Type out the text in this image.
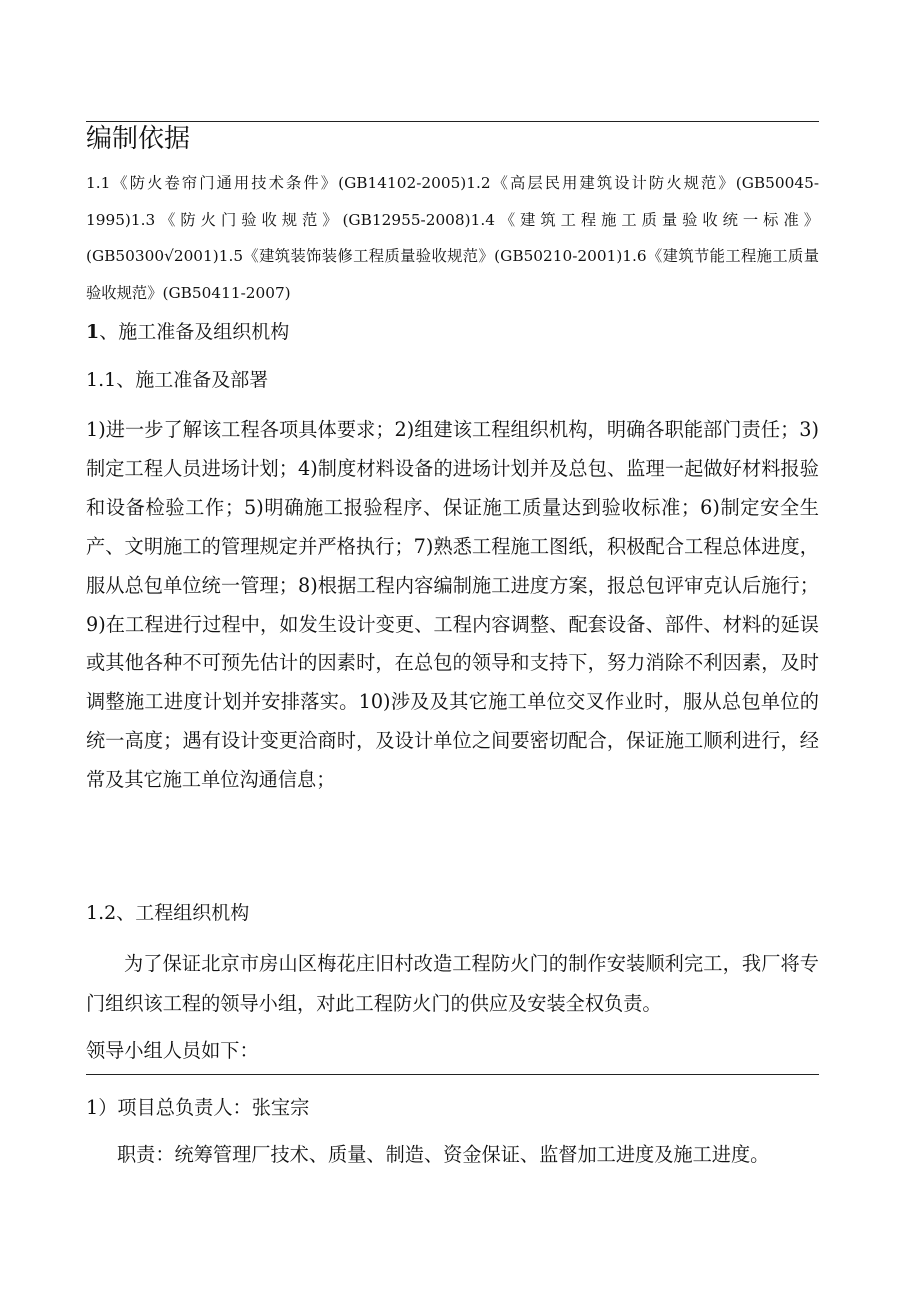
编制依据

1.1《防火卷帘门通用技术条件》(GB14102-2005)1.2《高层民用建筑设计防火规范》(GB50045-1995)1.3《防火门验收规范》(GB12955-2008)1.4《建筑工程施工质量验收统一标准》(GB50300√2001)1.5《建筑装饰装修工程质量验收规范》(GB50210-2001)1.6《建筑节能工程施工质量验收规范》(GB50411-2007)

1、施工准备及组织机构
1.1、施工准备及部署

1)进一步了解该工程各项具体要求；2)组建该工程组织机构，明确各职能部门责任；3)制定工程人员进场计划；4)制度材料设备的进场计划并及总包、监理一起做好材料报验和设备检验工作；5)明确施工报验程序、保证施工质量达到验收标准；6)制定安全生产、文明施工的管理规定并严格执行；7)熟悉工程施工图纸，积极配合工程总体进度，服从总包单位统一管理；8)根据工程内容编制施工进度方案，报总包评审克认后施行；9)在工程进行过程中，如发生设计变更、工程内容调整、配套设备、部件、材料的延误或其他各种不可预先估计的因素时，在总包的领导和支持下，努力消除不利因素，及时调整施工进度计划并安排落实。10)涉及及其它施工单位交叉作业时，服从总包单位的统一高度；遇有设计变更洽商时，及设计单位之间要密切配合，保证施工顺利进行，经常及其它施工单位沟通信息；

1.2、工程组织机构

为了保证北京市房山区梅花庄旧村改造工程防火门的制作安装顺利完工，我厂将专门组织该工程的领导小组，对此工程防火门的供应及安装全权负责。

领导小组人员如下：
1）项目总负责人：张宝宗
职责：统筹管理厂技术、质量、制造、资金保证、监督加工进度及施工进度。
